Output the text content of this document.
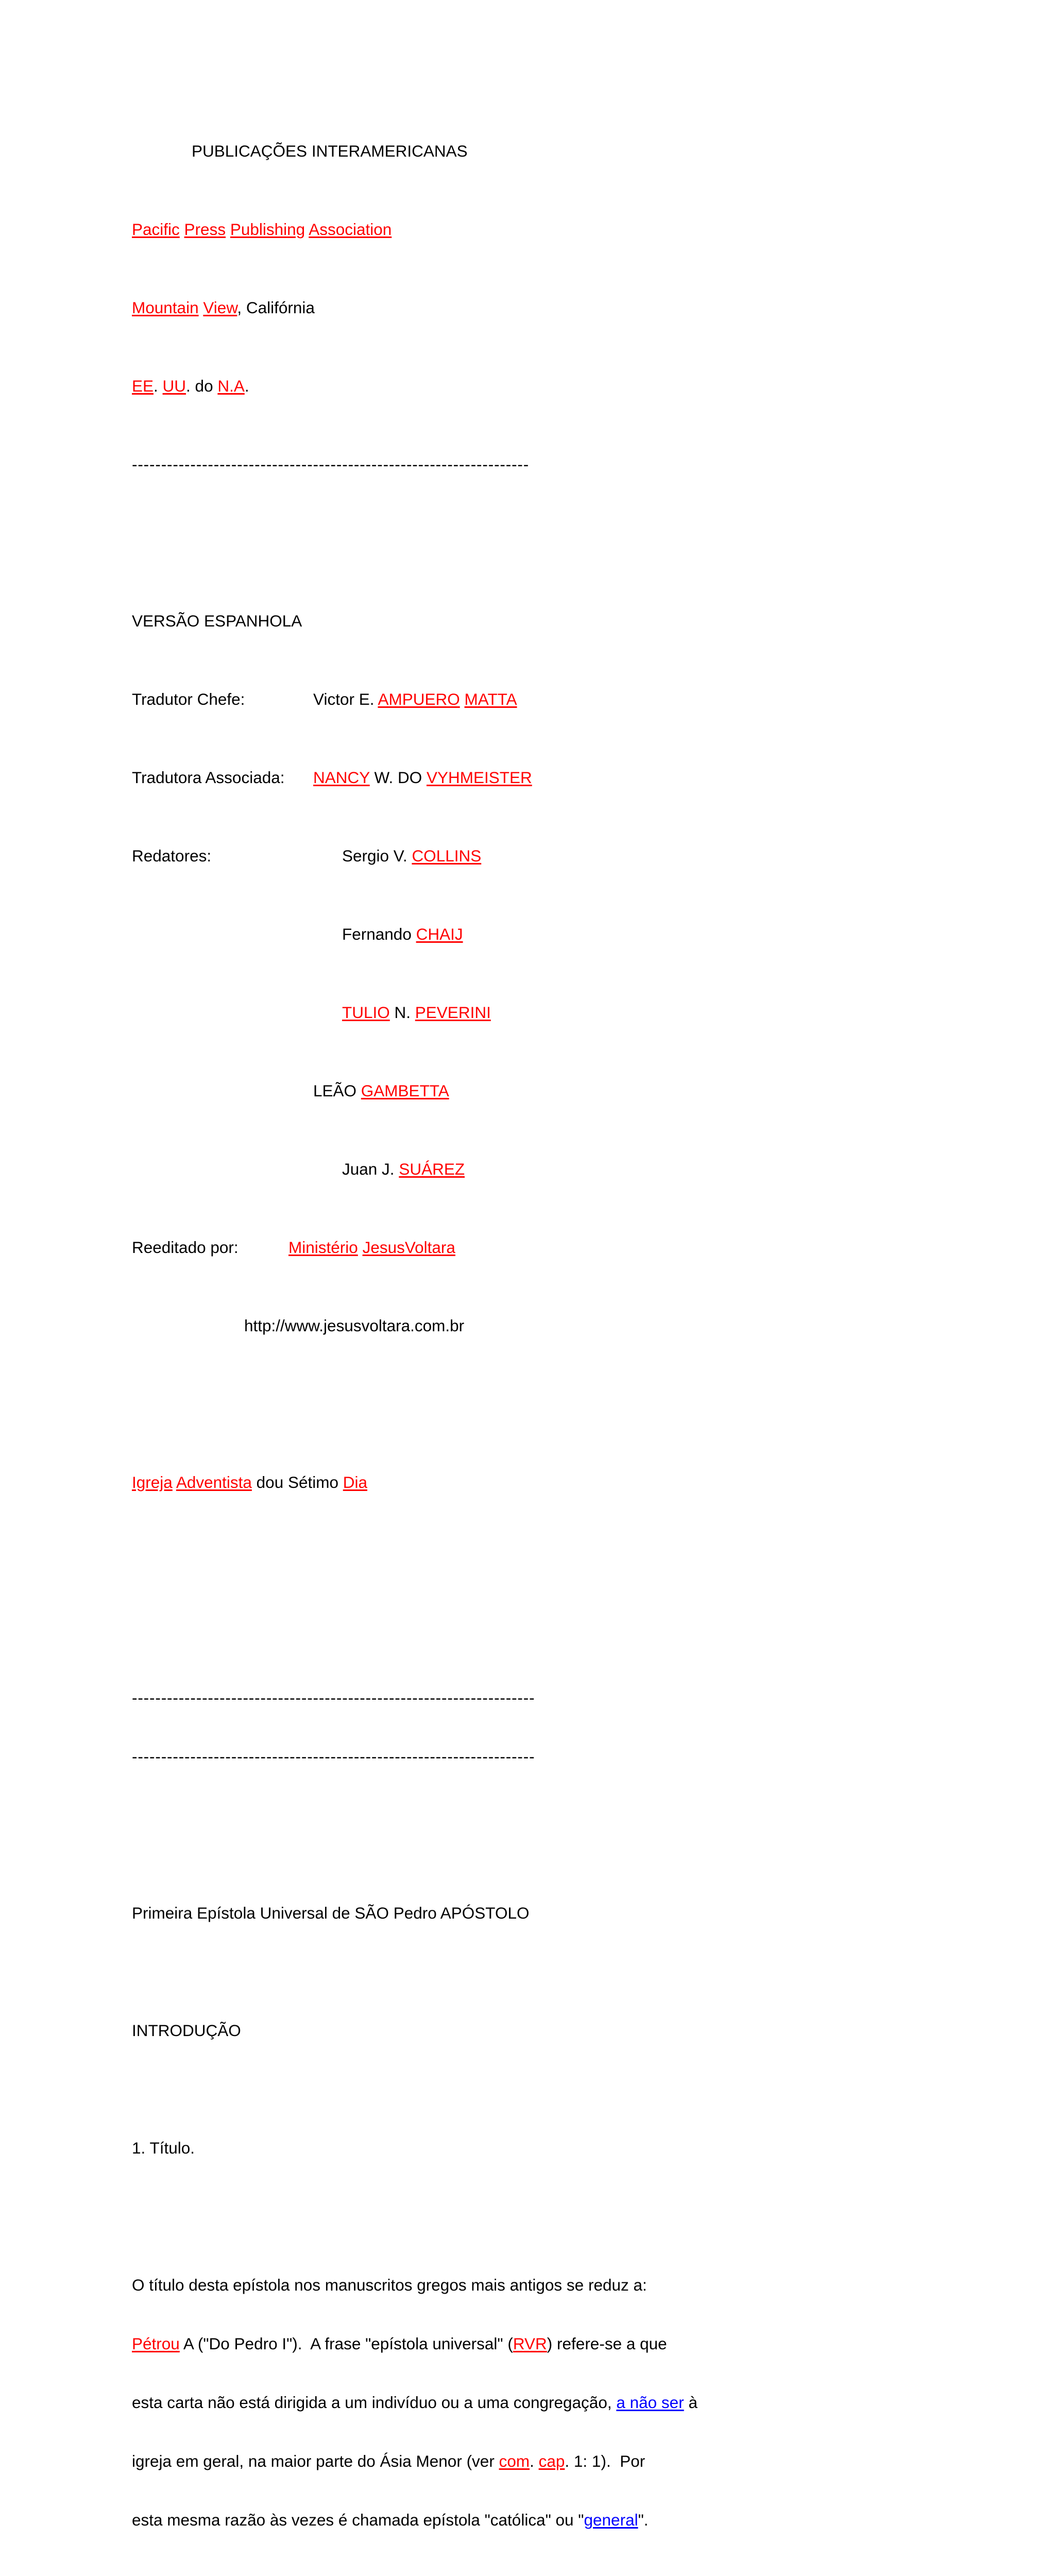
PUBLICAÇÕES INTERAMERICANAS

Pacific Press Publishing Association

Mountain View, Califórnia

EE. UU. do N.A.

--------------------------------------------------------------------

VERSÃO ESPANHOLA

Tradutor Chefe:	Victor E. AMPUERO MATTA

Tradutora Associada: NANCY W. DO VYHMEISTER

Redatores:	Sergio V. COLLINS

Fernando CHAIJ

TULIO N. PEVERINI

LEÃO GAMBETTA

Juan J. SUÁREZ

Reeditado por:	Ministério JesusVoltara

http://www.jesusvoltara.com.br

Igreja Adventista dou Sétimo Dia

---------------------------------------------------------------------

---------------------------------------------------------------------

Primeira Epístola Universal de SÃO Pedro APÓSTOLO

INTRODUÇÃO

1. Título.

O título desta epístola nos manuscritos gregos mais antigos se reduz a:

Pétrou A ("Do Pedro I").  A frase "epístola universal" (RVR) refere-se a que

esta carta não está dirigida a um indivíduo ou a uma congregação, a não ser à

igreja em geral, na maior parte do Ásia Menor (ver com. cap. 1: 1).  Por

esta mesma razão às vezes é chamada epístola "católica" ou "general".
